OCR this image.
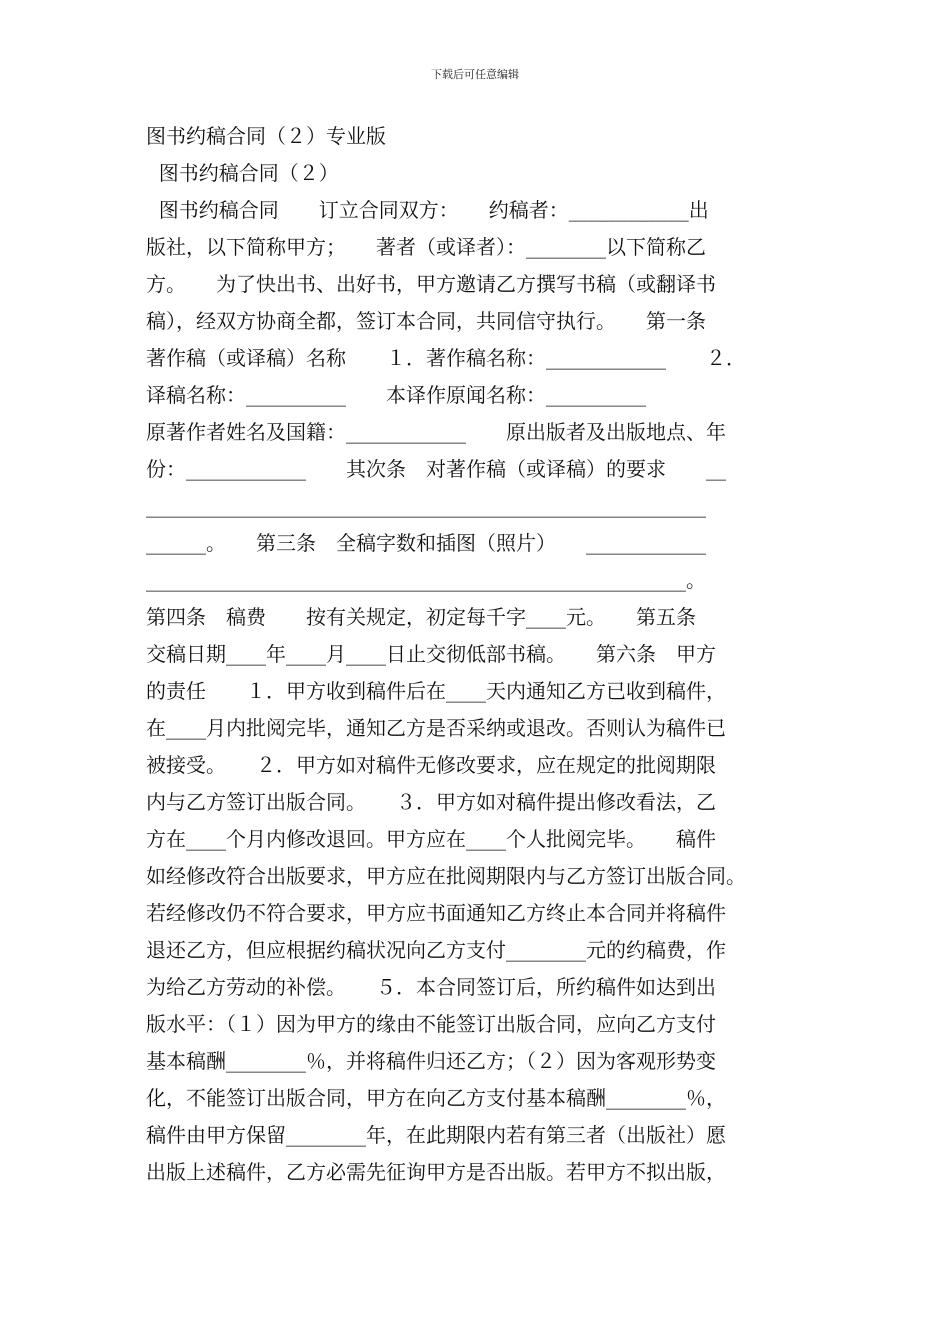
下载后可任意编辑
图书约稿合同（２）专业版
图书约稿合同（２）
图书约稿合同　　订立合同双方：　　约稿者：____________出
版社，以下简称甲方；　　著者（或译者）：________以下简称乙
方。　　为了快出书、出好书，甲方邀请乙方撰写书稿（或翻译书
稿），经双方协商全都，签订本合同，共同信守执行。　　第一条
著作稿（或译稿）名称　　１．著作稿名称：____________　　２．
译稿名称：__________　　本译作原闻名称：__________
原著作者姓名及国籍：____________　　原出版者及出版地点、年
份：____________　　其次条　对著作稿（或译稿）的要求　　__
________________________________________________________
______。　　第三条　全稿字数和插图（照片）　　____________
______________________________________________________。
第四条　稿费　　按有关规定，初定每千字____元。　　第五条
交稿日期____年____月____日止交彻低部书稿。　　第六条　甲方
的责任　　１．甲方收到稿件后在____天内通知乙方已收到稿件，
在____月内批阅完毕，通知乙方是否采纳或退改。否则认为稿件已
被接受。　　２．甲方如对稿件无修改要求，应在规定的批阅期限
内与乙方签订出版合同。　　３．甲方如对稿件提出修改看法，乙
方在____个月内修改退回。甲方应在____个人批阅完毕。　　稿件
如经修改符合出版要求，甲方应在批阅期限内与乙方签订出版合同。
若经修改仍不符合要求，甲方应书面通知乙方终止本合同并将稿件
退还乙方，但应根据约稿状况向乙方支付________元的约稿费，作
为给乙方劳动的补偿。　　５．本合同签订后，所约稿件如达到出
版水平：（１）因为甲方的缘由不能签订出版合同，应向乙方支付
基本稿酬________％，并将稿件归还乙方；（２）因为客观形势变
化，不能签订出版合同，甲方在向乙方支付基本稿酬________％，
稿件由甲方保留________年，在此期限内若有第三者（出版社）愿
出版上述稿件，乙方必需先征询甲方是否出版。若甲方不拟出版，
